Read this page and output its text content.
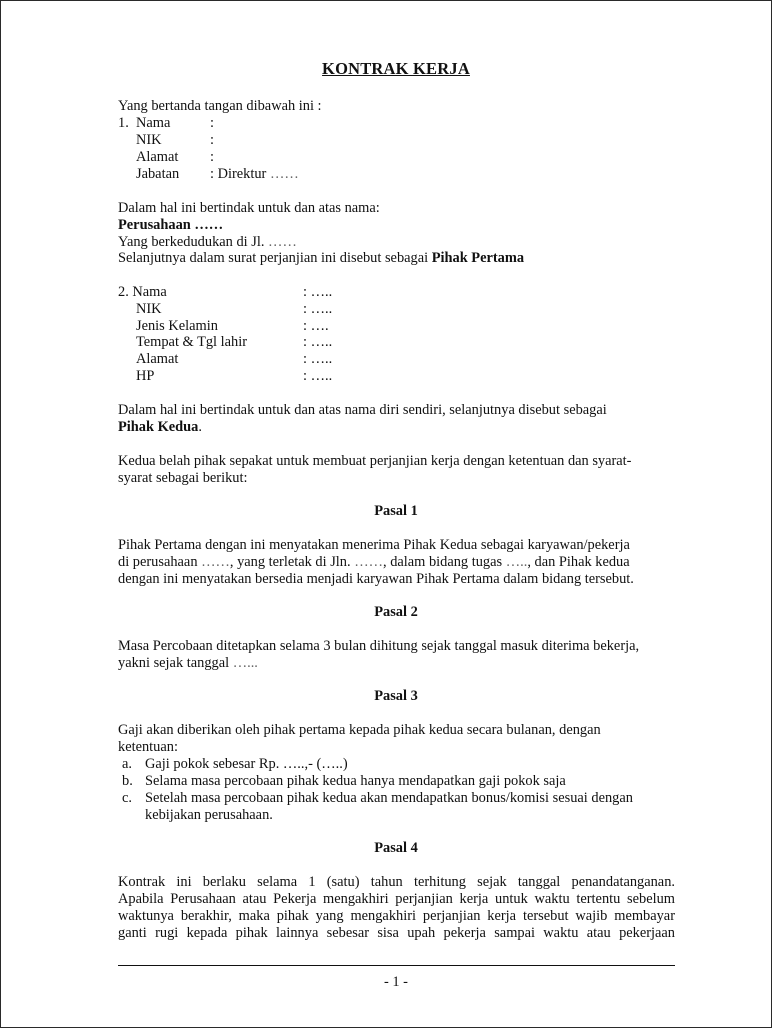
KONTRAK KERJA
Yang bertanda tangan dibawah ini :
1. Nama	:
NIK	:
Alamat :
Jabatan : Direktur ……
Dalam hal ini bertindak untuk dan atas nama:
Perusahaan ……
Yang berkedudukan di Jl. ……
Selanjutnya dalam surat perjanjian ini disebut sebagai Pihak Pertama
2. Nama	: …..
NIK	: …..
Jenis Kelamin	: ….
Tempat & Tgl lahir	: …..
Alamat	: …..
HP	: …..
Dalam hal ini bertindak untuk dan atas nama diri sendiri, selanjutnya disebut sebagai
Pihak Kedua.
Kedua belah pihak sepakat untuk membuat perjanjian kerja dengan ketentuan dan syarat-
syarat sebagai berikut:
Pasal 1
Pihak Pertama dengan ini menyatakan menerima Pihak Kedua sebagai karyawan/pekerja
di perusahaan ……, yang terletak di Jln. ……, dalam bidang tugas ….., dan Pihak kedua
dengan ini menyatakan bersedia menjadi karyawan Pihak Pertama dalam bidang tersebut.
Pasal 2
Masa Percobaan ditetapkan selama 3 bulan dihitung sejak tanggal masuk diterima bekerja,
yakni sejak tanggal …...
Pasal 3
Gaji akan diberikan oleh pihak pertama kepada pihak kedua secara bulanan, dengan
ketentuan:
a. Gaji pokok sebesar Rp. …..,- (…..)
b. Selama masa percobaan pihak kedua hanya mendapatkan gaji pokok saja
c. Setelah masa percobaan pihak kedua akan mendapatkan bonus/komisi sesuai dengan
kebijakan perusahaan.
Pasal 4
Kontrak ini berlaku selama 1 (satu) tahun terhitung sejak tanggal penandatanganan.
Apabila Perusahaan atau Pekerja mengakhiri perjanjian kerja untuk waktu tertentu sebelum
waktunya berakhir, maka pihak yang mengakhiri perjanjian kerja tersebut wajib membayar
ganti rugi kepada pihak lainnya sebesar sisa upah pekerja sampai waktu atau pekerjaan
- 1 -
